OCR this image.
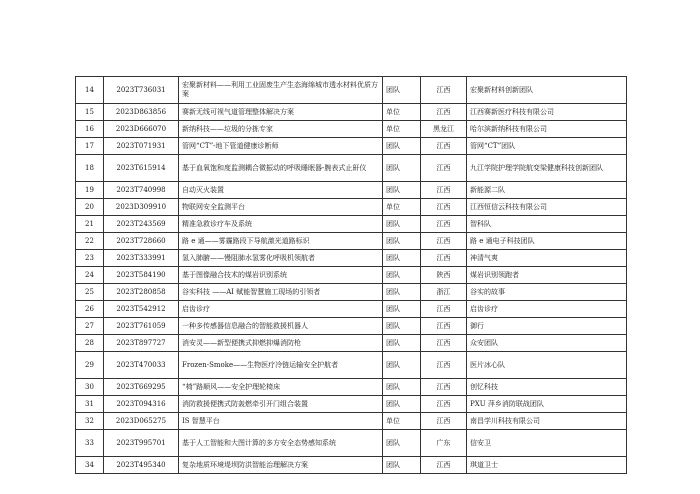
14	2023T736031	宏聚新材料——利用工业固废生产生态海绵城市透水材料优质方案	团队	江西	宏聚新材料创新团队
15	2023D863856	赛新无线可视气道管理整体解决方案	单位	江西	江西赛新医疗科技有限公司
16	2023D666070	新纳科技——垃圾的分拣专家	单位	黑龙江	哈尔滨新纳科技有限公司
17	2023T071931	管网“CT”-地下管道健康诊断师	团队	江西	管网“CT”团队
18	2023T615914	基于血氧饱和度监测耦合微振动的呼吸睡眠器-腕表式止鼾仪	团队	江西	九江学院护理学院航变梁健康科技创新团队
19	2023T740998	自动灭火装置	团队	江西	新能源二队
20	2023D309910	物联网安全监测平台	单位	江西	江西恒信云科技有限公司
21	2023T243569	精准急救诊疗车及系统	团队	江西	智科队
22	2023T728660	路 e 通——雾霾路段下导航激光道路标识	团队	江西	路 e 通电子科技团队
23	2023T333991	氢入肺腑——慢阻肺水氢雾化呼吸机领航者	团队	江西	神清气爽
24	2023T584190	基于图像融合技术的煤岩识别系统	团队	陕西	煤岩识别领跑者
25	2023T280858	谷实科技 ——AI 赋能智慧施工现场的引领者	团队	浙江	谷实的故事
26	2023T542912	启齿诊疗	团队	江西	启齿诊疗
27	2023T761059	一种多传感器信息融合的智能救援机器人	团队	江西	御行
28	2023T897727	消安灵——新型便携式抑燃抑爆消防枪	团队	江西	众安团队
29	2023T470033	Frozen-Smoke——生物医疗冷链运输安全护航者	团队	江西	医片冰心队
30	2023T669295	“椅”路顺风——安全护理轮椅床	团队	江西	创忆科技
31	2023T094316	消防救援便携式防轰燃牵引开门组合装置	团队	江西	PXU 萍乡消防联战团队
32	2023D065275	IS 智慧平台	单位	江西	南昌学川科技有限公司
33	2023T995701	基于人工智能和大图计算的多方安全态势感知系统	团队	广东	信安卫
34	2023T495340	复杂地质环境堤坝防洪智能治理解决方案	团队	江西	琪道卫士
